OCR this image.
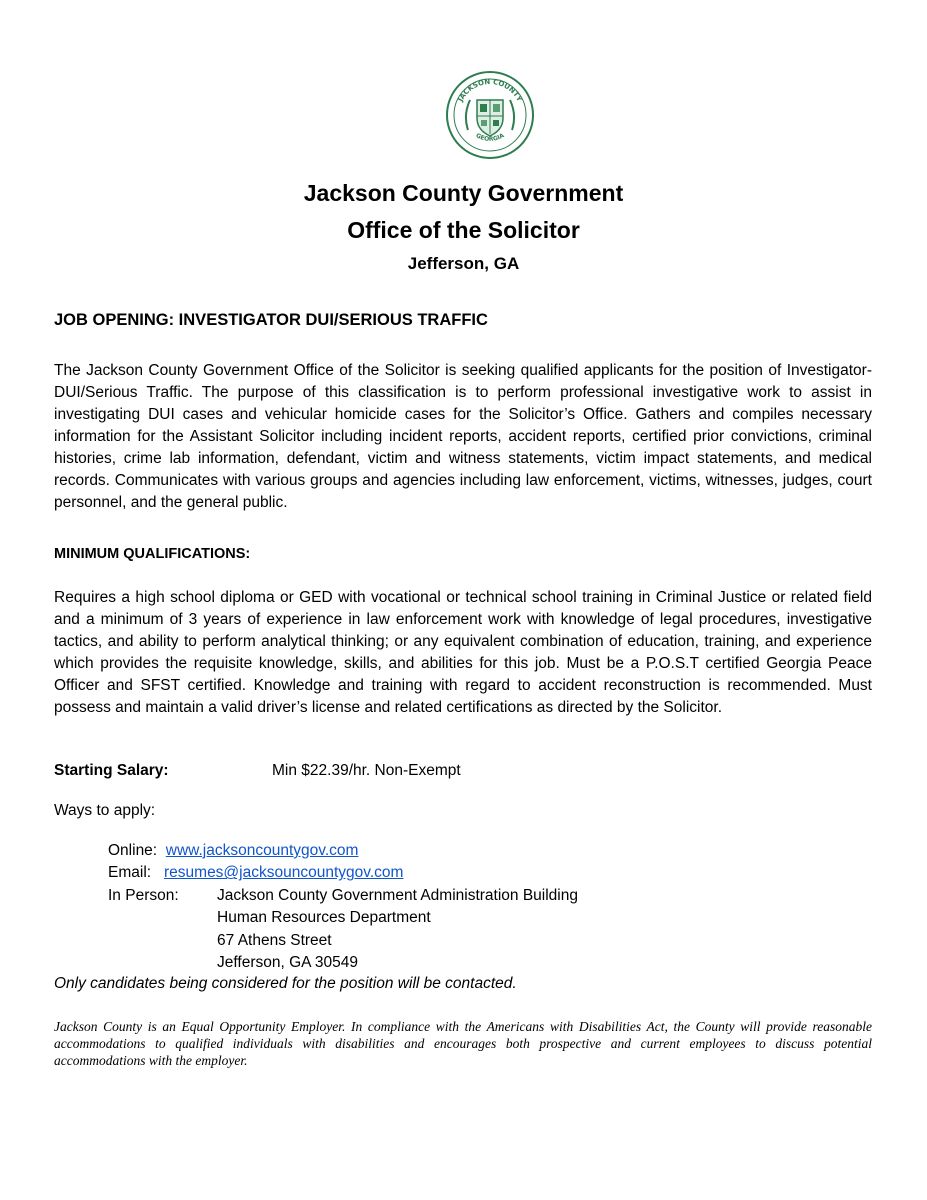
JACKSON COUNTY
GEORGIA
Jackson County Government
Office of the Solicitor
Jefferson, GA
JOB OPENING: INVESTIGATOR DUI/SERIOUS TRAFFIC
The Jackson County Government Office of the Solicitor is seeking qualified applicants for the position of Investigator- DUI/Serious Traffic. The purpose of this classification is to perform professional investigative work to assist in investigating DUI cases and vehicular homicide cases for the Solicitor’s Office. Gathers and compiles necessary information for the Assistant Solicitor including incident reports, accident reports, certified prior convictions, criminal histories, crime lab information, defendant, victim and witness statements, victim impact statements, and medical records. Communicates with various groups and agencies including law enforcement, victims, witnesses, judges, court personnel, and the general public.
MINIMUM QUALIFICATIONS:
Requires a high school diploma or GED with vocational or technical school training in Criminal Justice or related field and a minimum of 3 years of experience in law enforcement work with knowledge of legal procedures, investigative tactics, and ability to perform analytical thinking; or any equivalent combination of education, training, and experience which provides the requisite knowledge, skills, and abilities for this job. Must be a P.O.S.T certified Georgia Peace Officer and SFST certified. Knowledge and training with regard to accident reconstruction is recommended. Must possess and maintain a valid driver’s license and related certifications as directed by the Solicitor.
Starting Salary:	Min $22.39/hr. Non-Exempt
Ways to apply:
Online: www.jacksoncountygov.com
Email: resumes@jacksouncountygov.com
In Person: Jackson County Government Administration Building
Human Resources Department
67 Athens Street
Jefferson, GA 30549
Only candidates being considered for the position will be contacted.
Jackson County is an Equal Opportunity Employer. In compliance with the Americans with Disabilities Act, the County will provide reasonable accommodations to qualified individuals with disabilities and encourages both prospective and current employees to discuss potential accommodations with the employer.
